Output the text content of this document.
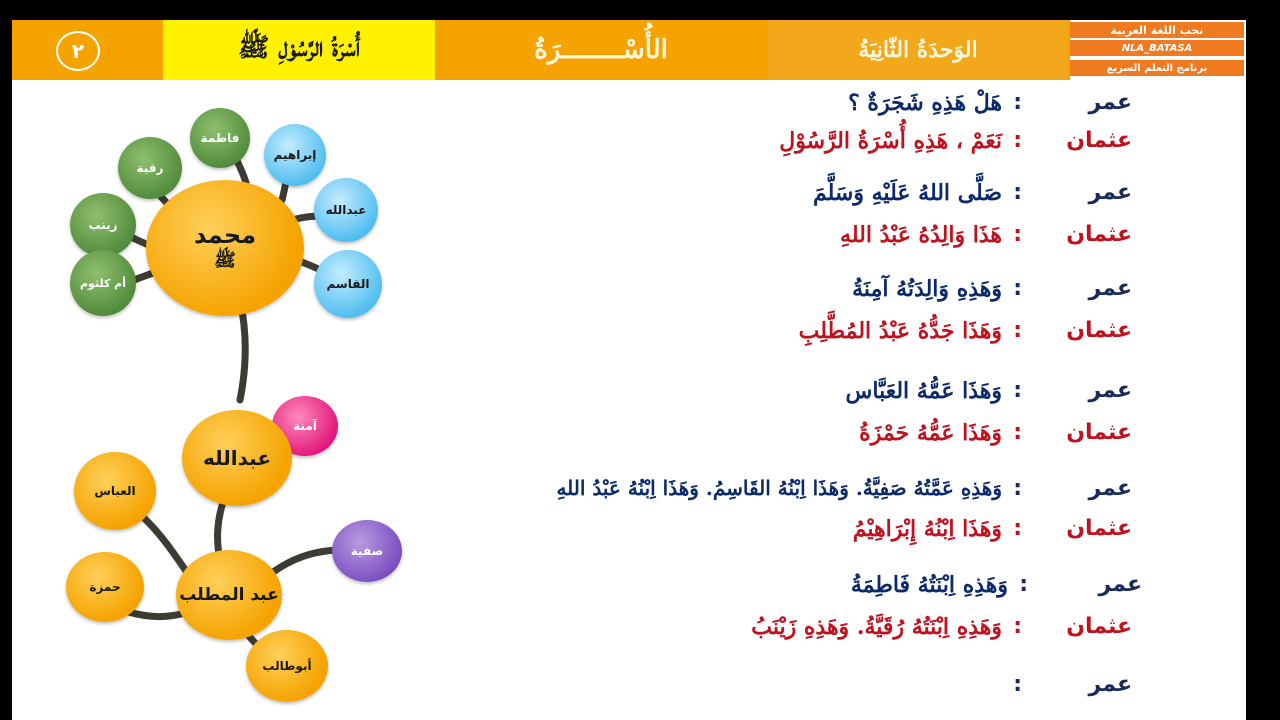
٢	أُسْرَةُ الرَّسُوْلِ ﷺ	الأُسْــــــــرَةُ	الوَحدَةُ الثّانِيَةُ
نحب اللغة العربية
NLA_BATASA
برنامج التعلم السريع
رقية
فاطمة
إبراهيم
عبدالله
زينب
القاسم
أم كلثوم
محمد
ﷺ
آمنة
عبدالله
العباس
صفية
حمزة	عبد المطلب
أبوطالب
عمر
:
هَلْ هَذِهِ شَجَرَةٌ ؟
عثمان
:
نَعَمْ ، هَذِهِ أُسْرَةُ الرَّسُوْلِ
عمر
:
صَلَّى اللهُ عَلَيْهِ وَسَلَّمَ
عثمان
:
هَذَا وَالِدُهُ عَبْدُ اللهِ
عمر
:
وَهَذِهِ وَالِدَتُهُ آمِنَةُ
عثمان
:
وَهَذَا جَدُّهُ عَبْدُ المُطَّلِبِ
عمر
:
وَهَذَا عَمُّهُ العَبَّاس
عثمان
:
وَهَذَا عَمُّهُ حَمْزَةُ
عمر
:
وَهَذِهِ عَمَّتُهُ صَفِيَّةُ. وَهَذَا اِبْنُهُ القَاسِمُ. وَهَذَا اِبْنُهُ عَبْدُ اللهِ
عثمان
:
وَهَذَا اِبْنُهُ إِبْرَاهِيْمُ
عمر
:
وَهَذِهِ اِبْنَتُهُ فَاطِمَةُ
عثمان
:
وَهَذِهِ اِبْنَتُهُ رُقَيَّةُ. وَهَذِهِ زَيْنَبُ
عمر
:
